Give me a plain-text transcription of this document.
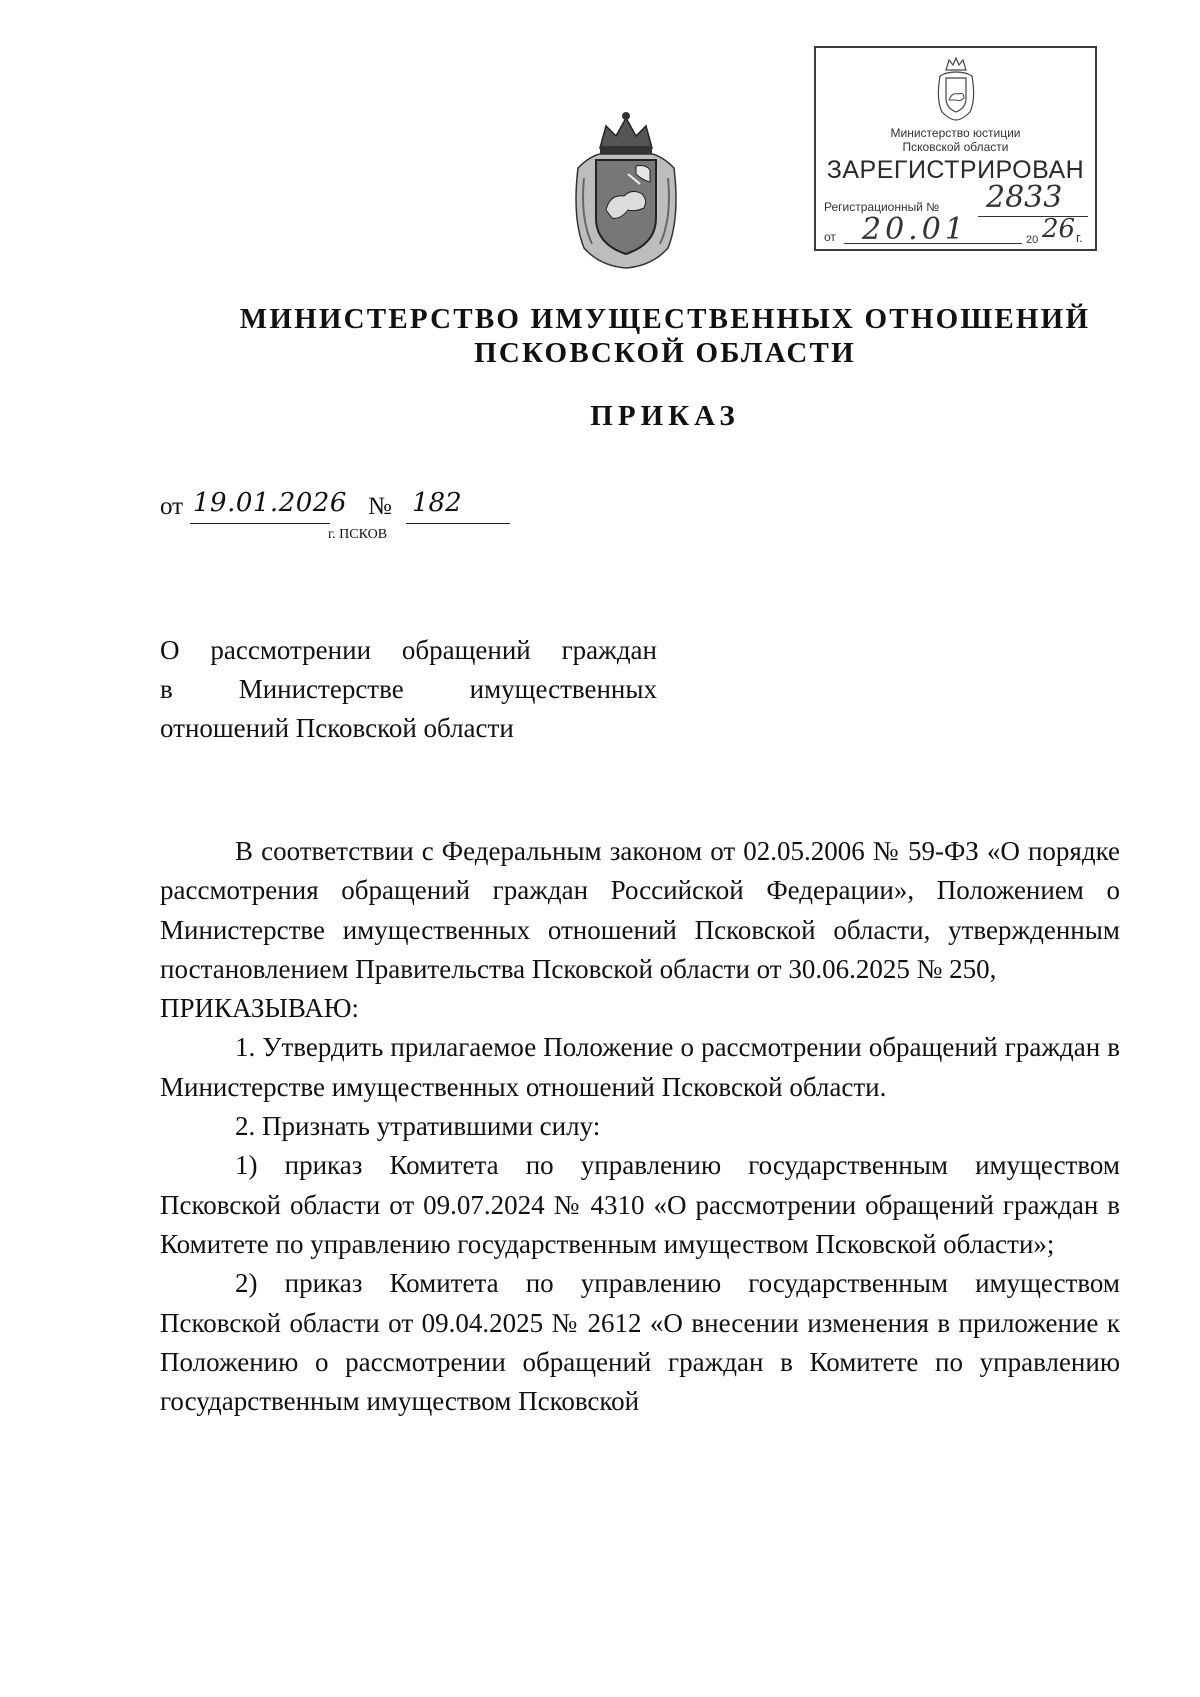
Министерство юстиции
Псковской области
ЗАРЕГИСТРИРОВАН
Регистрационный № 2833
от 20.01	20 26 г.
МИНИСТЕРСТВО ИМУЩЕСТВЕННЫХ ОТНОШЕНИЙ
ПСКОВСКОЙ ОБЛАСТИ
ПРИКАЗ
от 19.01.2026 № 182
г. ПСКОВ
О рассмотрении обращений граждан
в Министерстве имущественных
отношений Псковской области

В соответствии с Федеральным законом от 02.05.2006 № 59-ФЗ «О порядке рассмотрения обращений граждан Российской Федерации», Положением о Министерстве имущественных отношений Псковской области, утвержденным постановлением Правительства Псковской области от 30.06.2025 № 250,

ПРИКАЗЫВАЮ:

1. Утвердить прилагаемое Положение о рассмотрении обращений граждан в Министерстве имущественных отношений Псковской области.

2. Признать утратившими силу:

1) приказ Комитета по управлению государственным имуществом Псковской области от 09.07.2024 № 4310 «О рассмотрении обращений граждан в Комитете по управлению государственным имуществом Псковской области»;

2) приказ Комитета по управлению государственным имуществом Псковской области от 09.04.2025 № 2612 «О внесении изменения в приложение к Положению о рассмотрении обращений граждан в Комитете по управлению государственным имуществом Псковской
